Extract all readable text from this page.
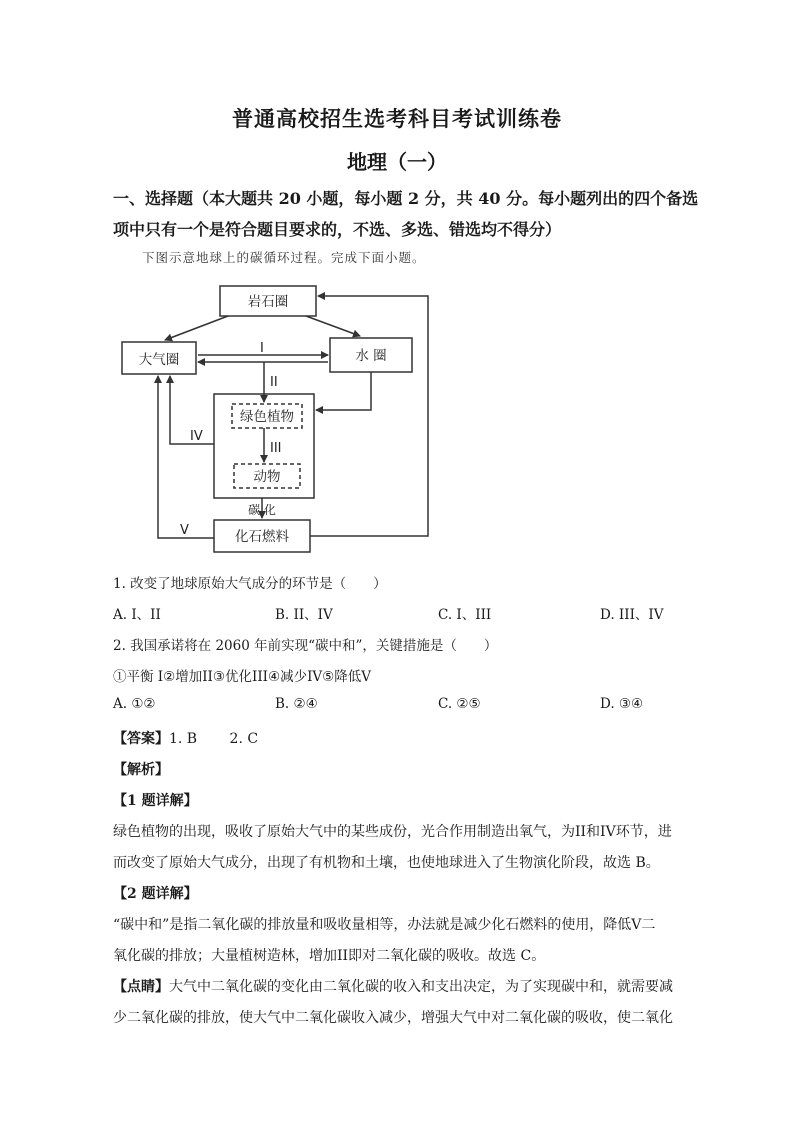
普通高校招生选考科目考试训练卷
地理（一）
一、选择题（本大题共 20 小题，每小题 2 分，共 40 分。每小题列出的四个备选
项中只有一个是符合题目要求的，不选、多选、错选均不得分）
下图示意地球上的碳循环过程。完成下面小题。
岩石圈
大气圈	水 圈
绿色植物
动物
化石燃料
碳 化
I
II
III
IV
V
1. 改变了地球原始大气成分的环节是（　　）
A. I、II	B. II、IV	C. I、III	D. III、IV
2. 我国承诺将在 2060 年前实现“碳中和”，关键措施是（　　）
①平衡 I②增加II③优化III④减少IV⑤降低V
A. ①②	B. ②④	C. ②⑤	D. ③④
【答案】1. B　　 2. C
【解析】
【1 题详解】
绿色植物的出现，吸收了原始大气中的某些成份，光合作用制造出氧气，为II和IV环节，进
而改变了原始大气成分，出现了有机物和土壤，也使地球进入了生物演化阶段，故选 B。
【2 题详解】
“碳中和”是指二氧化碳的排放量和吸收量相等，办法就是减少化石燃料的使用，降低V二
氧化碳的排放；大量植树造林，增加II即对二氧化碳的吸收。故选 C。
【点睛】大气中二氧化碳的变化由二氧化碳的收入和支出决定，为了实现碳中和，就需要减
少二氧化碳的排放，使大气中二氧化碳收入减少，增强大气中对二氧化碳的吸收，使二氧化
